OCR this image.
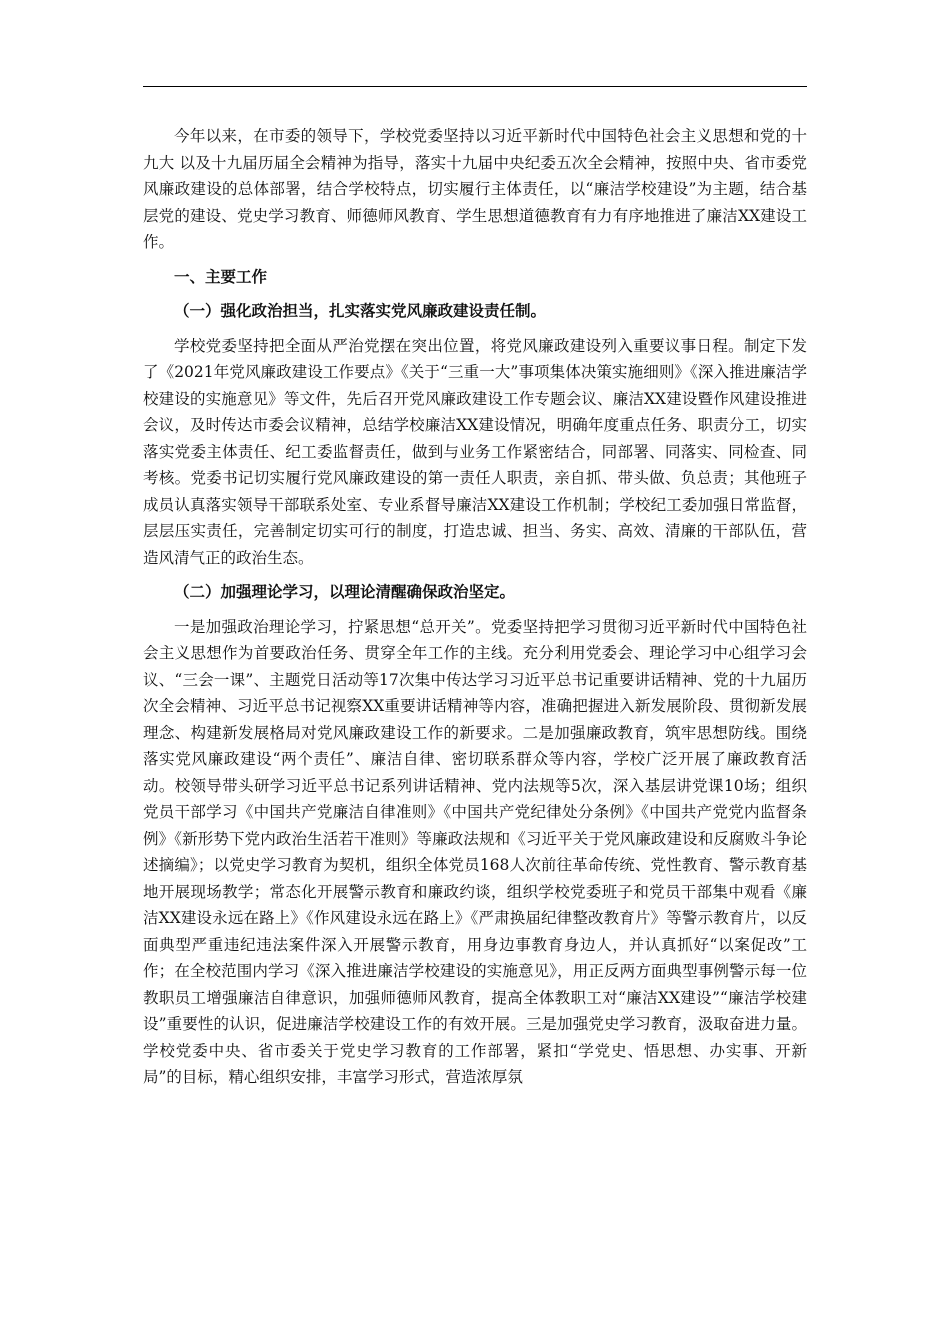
今年以来，在市委的领导下，学校党委坚持以习近平新时代中国特色社会主义思想和党的十九大 以及十九届历届全会精神为指导，落实十九届中央纪委五次全会精神，按照中央、省市委党风廉政建设的总体部署，结合学校特点，切实履行主体责任，以“廉洁学校建设”为主题，结合基层党的建设、党史学习教育、师德师风教育、学生思想道德教育有力有序地推进了廉洁XX建设工作。

一、主要工作

（一）强化政治担当，扎实落实党风廉政建设责任制。

学校党委坚持把全面从严治党摆在突出位置，将党风廉政建设列入重要议事日程。制定下发了《2021年党风廉政建设工作要点》《关于“三重一大”事项集体决策实施细则》《深入推进廉洁学校建设的实施意见》等文件，先后召开党风廉政建设工作专题会议、廉洁XX建设暨作风建设推进会议，及时传达市委会议精神，总结学校廉洁XX建设情况，明确年度重点任务、职责分工，切实落实党委主体责任、纪工委监督责任，做到与业务工作紧密结合，同部署、同落实、同检查、同考核。党委书记切实履行党风廉政建设的第一责任人职责，亲自抓、带头做、负总责；其他班子成员认真落实领导干部联系处室、专业系督导廉洁XX建设工作机制；学校纪工委加强日常监督，层层压实责任，完善制定切实可行的制度，打造忠诚、担当、务实、高效、清廉的干部队伍，营造风清气正的政治生态。

（二）加强理论学习，以理论清醒确保政治坚定。

一是加强政治理论学习，拧紧思想“总开关”。党委坚持把学习贯彻习近平新时代中国特色社会主义思想作为首要政治任务、贯穿全年工作的主线。充分利用党委会、理论学习中心组学习会议、“三会一课”、主题党日活动等17次集中传达学习习近平总书记重要讲话精神、党的十九届历次全会精神、习近平总书记视察XX重要讲话精神等内容，准确把握进入新发展阶段、贯彻新发展理念、构建新发展格局对党风廉政建设工作的新要求。二是加强廉政教育，筑牢思想防线。围绕落实党风廉政建设“两个责任”、廉洁自律、密切联系群众等内容，学校广泛开展了廉政教育活动。校领导带头研学习近平总书记系列讲话精神、党内法规等5次，深入基层讲党课10场；组织党员干部学习《中国共产党廉洁自律准则》《中国共产党纪律处分条例》《中国共产党党内监督条例》《新形势下党内政治生活若干准则》等廉政法规和《习近平关于党风廉政建设和反腐败斗争论述摘编》；以党史学习教育为契机，组织全体党员168人次前往革命传统、党性教育、警示教育基地开展现场教学；常态化开展警示教育和廉政约谈，组织学校党委班子和党员干部集中观看《廉洁XX建设永远在路上》《作风建设永远在路上》《严肃换届纪律整改教育片》等警示教育片，以反面典型严重违纪违法案件深入开展警示教育，用身边事教育身边人，并认真抓好“以案促改”工作；在全校范围内学习《深入推进廉洁学校建设的实施意见》，用正反两方面典型事例警示每一位教职员工增强廉洁自律意识，加强师德师风教育，提高全体教职工对“廉洁XX建设”“廉洁学校建设”重要性的认识，促进廉洁学校建设工作的有效开展。三是加强党史学习教育，汲取奋进力量。学校党委中央、省市委关于党史学习教育的工作部署，紧扣“学党史、悟思想、办实事、开新局”的目标，精心组织安排，丰富学习形式，营造浓厚氛
